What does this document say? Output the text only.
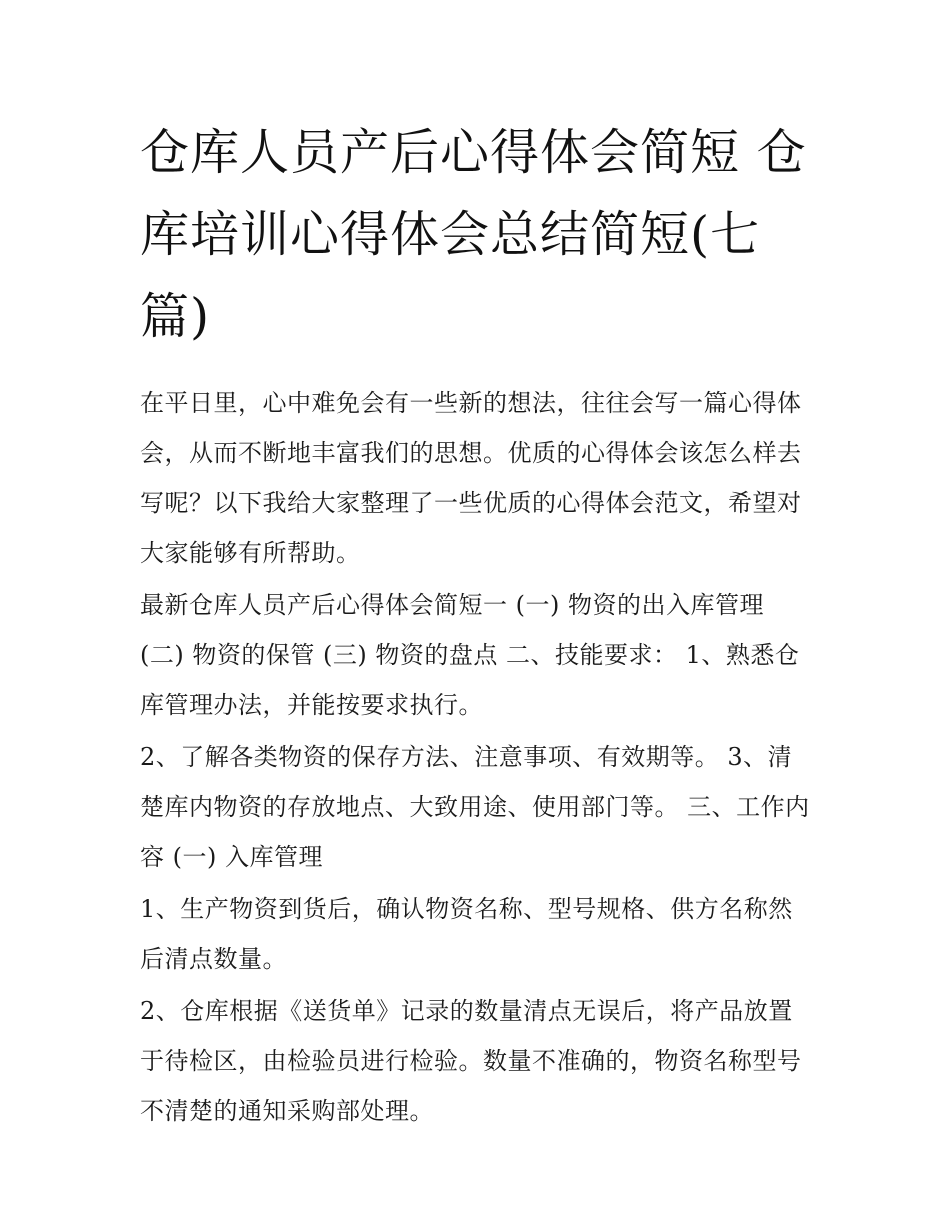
仓库人员产后心得体会简短 仓库培训心得体会总结简短(七篇)

在平日里，心中难免会有一些新的想法，往往会写一篇心得体会，从而不断地丰富我们的思想。优质的心得体会该怎么样去写呢？以下我给大家整理了一些优质的心得体会范文，希望对大家能够有所帮助。

最新仓库人员产后心得体会简短一 (一) 物资的出入库管理 (二) 物资的保管 (三) 物资的盘点 二、技能要求： 1、熟悉仓库管理办法，并能按要求执行。

2、了解各类物资的保存方法、注意事项、有效期等。 3、清楚库内物资的存放地点、大致用途、使用部门等。 三、工作内容 (一) 入库管理

1、生产物资到货后，确认物资名称、型号规格、供方名称然后清点数量。

2、仓库根据《送货单》记录的数量清点无误后，将产品放置于待检区，由检验员进行检验。数量不准确的，物资名称型号不清楚的通知采购部处理。
